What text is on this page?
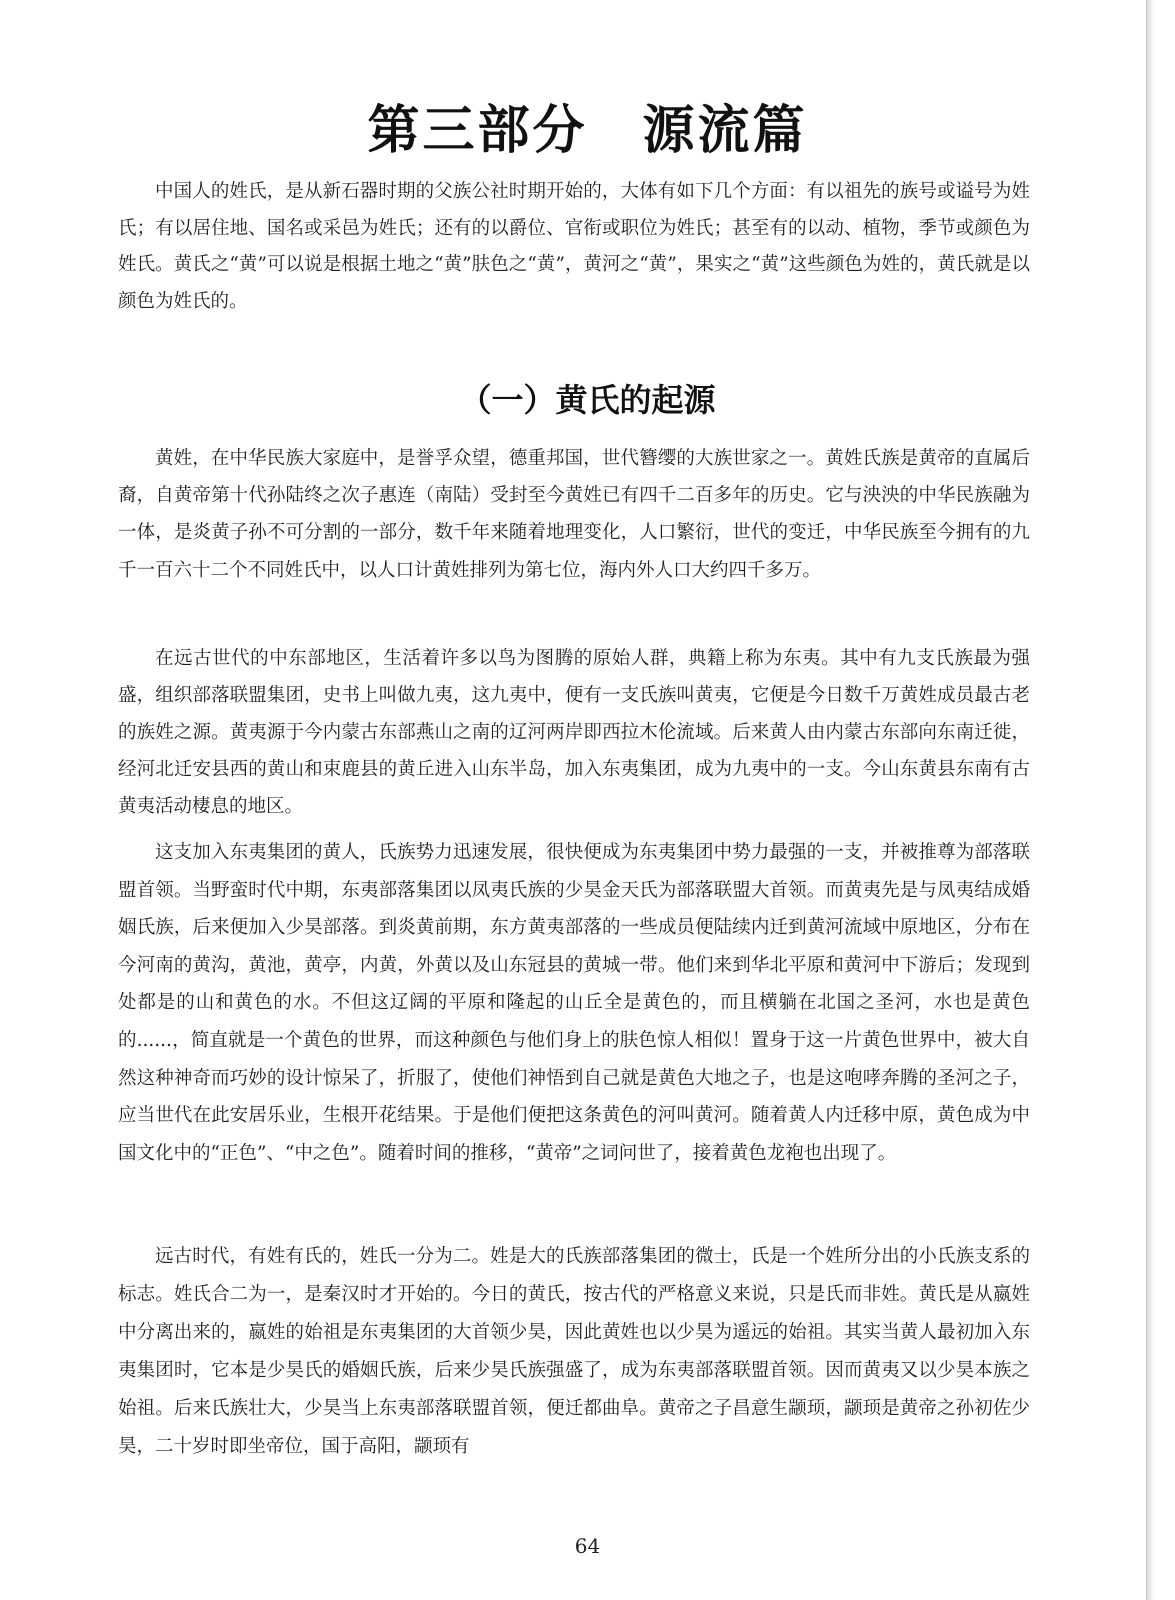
第三部分　源流篇

中国人的姓氏，是从新石器时期的父族公社时期开始的，大体有如下几个方面：有以祖先的族号或谥号为姓氏；有以居住地、国名或采邑为姓氏；还有的以爵位、官衔或职位为姓氏；甚至有的以动、植物，季节或颜色为姓氏。黄氏之“黄”可以说是根据土地之“黄”肤色之“黄”，黄河之“黄”，果实之“黄”这些颜色为姓的，黄氏就是以颜色为姓氏的。

（一）黄氏的起源

黄姓，在中华民族大家庭中，是誉孚众望，德重邦国，世代簪缨的大族世家之一。黄姓氏族是黄帝的直属后裔，自黄帝第十代孙陆终之次子惠连（南陆）受封至今黄姓已有四千二百多年的历史。它与泱泱的中华民族融为一体，是炎黄子孙不可分割的一部分，数千年来随着地理变化，人口繁衍，世代的变迁，中华民族至今拥有的九千一百六十二个不同姓氏中，以人口计黄姓排列为第七位，海内外人口大约四千多万。

在远古世代的中东部地区，生活着许多以鸟为图腾的原始人群，典籍上称为东夷。其中有九支氏族最为强盛，组织部落联盟集团，史书上叫做九夷，这九夷中，便有一支氏族叫黄夷，它便是今日数千万黄姓成员最古老的族姓之源。黄夷源于今内蒙古东部燕山之南的辽河两岸即西拉木伦流域。后来黄人由内蒙古东部向东南迁徙，经河北迁安县西的黄山和束鹿县的黄丘进入山东半岛，加入东夷集团，成为九夷中的一支。今山东黄县东南有古黄夷活动棲息的地区。

这支加入东夷集团的黄人，氏族势力迅速发展，很快便成为东夷集团中势力最强的一支，并被推尊为部落联盟首领。当野蛮时代中期，东夷部落集团以凤夷氏族的少昊金天氏为部落联盟大首领。而黄夷先是与凤夷结成婚姻氏族，后来便加入少昊部落。到炎黄前期，东方黄夷部落的一些成员便陆续内迁到黄河流域中原地区，分布在今河南的黄沟，黄池，黄亭，内黄，外黄以及山东冠县的黄城一带。他们来到华北平原和黄河中下游后；发现到处都是的山和黄色的水。不但这辽阔的平原和隆起的山丘全是黄色的，而且横躺在北国之圣河，水也是黄色的......，简直就是一个黄色的世界，而这种颜色与他们身上的肤色惊人相似！置身于这一片黄色世界中，被大自然这种神奇而巧妙的设计惊呆了，折服了，使他们神悟到自己就是黄色大地之子，也是这咆哮奔腾的圣河之子，应当世代在此安居乐业，生根开花结果。于是他们便把这条黄色的河叫黄河。随着黄人内迁移中原，黄色成为中国文化中的“正色”、“中之色”。随着时间的推移，“黄帝”之词问世了，接着黄色龙袍也出现了。

远古时代，有姓有氏的，姓氏一分为二。姓是大的氏族部落集团的微士，氏是一个姓所分出的小氏族支系的标志。姓氏合二为一，是秦汉时才开始的。今日的黄氏，按古代的严格意义来说，只是氏而非姓。黄氏是从嬴姓中分离出来的，嬴姓的始祖是东夷集团的大首领少昊，因此黄姓也以少昊为遥远的始祖。其实当黄人最初加入东夷集团时，它本是少昊氏的婚姻氏族，后来少昊氏族强盛了，成为东夷部落联盟首领。因而黄夷又以少昊本族之始祖。后来氏族壮大，少昊当上东夷部落联盟首领，便迁都曲阜。黄帝之子昌意生颛顼，颛顼是黄帝之孙初佐少昊，二十岁时即坐帝位，国于高阳，颛顼有

64
